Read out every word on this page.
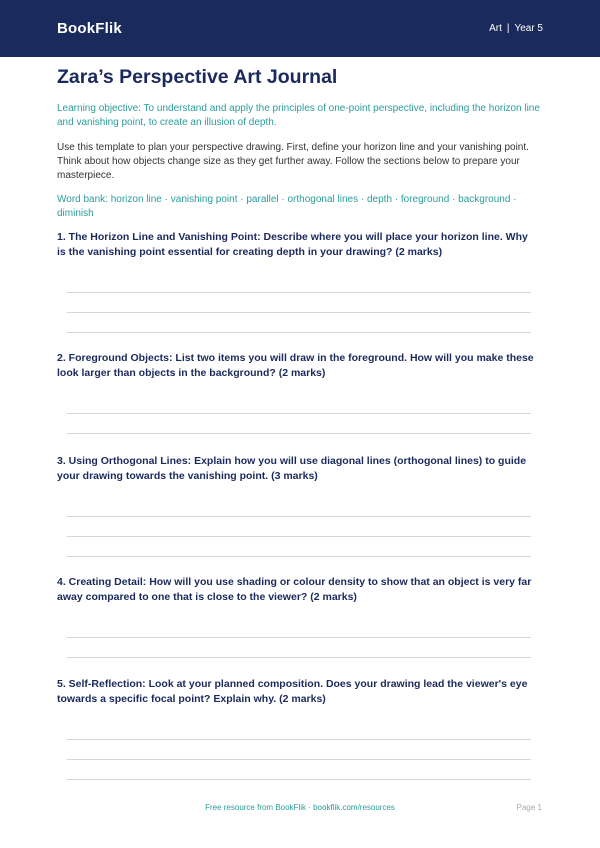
BookFlik	Art | Year 5
Zara’s Perspective Art Journal

Learning objective: To understand and apply the principles of one-point perspective, including the horizon line and vanishing point, to create an illusion of depth.

Use this template to plan your perspective drawing. First, define your horizon line and your vanishing point. Think about how objects change size as they get further away. Follow the sections below to prepare your masterpiece.

Word bank: horizon line · vanishing point · parallel · orthogonal lines · depth · foreground · background · diminish

1. The Horizon Line and Vanishing Point: Describe where you will place your horizon line. Why is the vanishing point essential for creating depth in your drawing? (2 marks)
2. Foreground Objects: List two items you will draw in the foreground. How will you make these look larger than objects in the background? (2 marks)
3. Using Orthogonal Lines: Explain how you will use diagonal lines (orthogonal lines) to guide your drawing towards the vanishing point. (3 marks)
4. Creating Detail: How will you use shading or colour density to show that an object is very far away compared to one that is close to the viewer? (2 marks)
5. Self-Reflection: Look at your planned composition. Does your drawing lead the viewer's eye towards a specific focal point? Explain why. (2 marks)
Free resource from BookFlik · bookflik.com/resources	Page 1
